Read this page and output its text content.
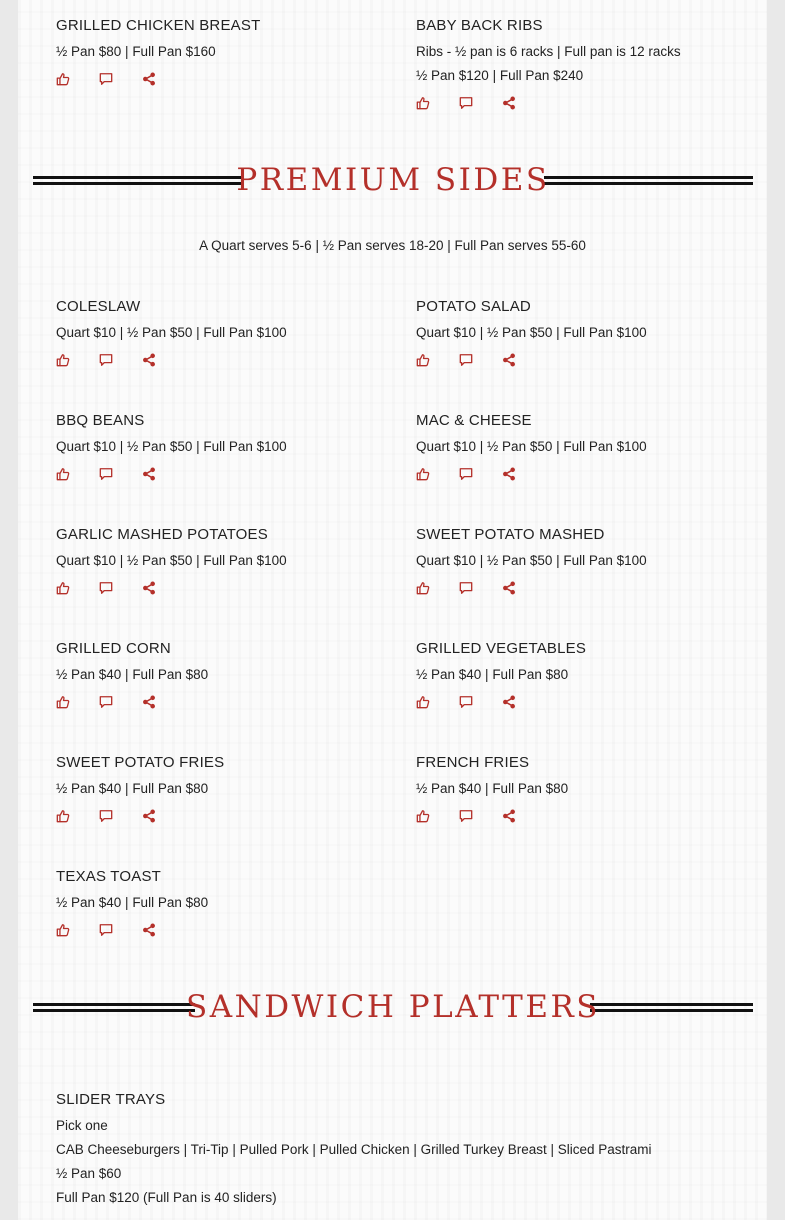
GRILLED CHICKEN BREAST
½ Pan $80 | Full Pan $160
BABY BACK RIBS
Ribs - ½ pan is 6 racks | Full pan is 12 racks
½ Pan $120 | Full Pan $240
PREMIUM SIDES
A Quart serves 5-6 | ½ Pan serves 18-20 | Full Pan serves 55-60
COLESLAW
Quart $10 | ½ Pan $50 | Full Pan $100
POTATO SALAD
Quart $10 | ½ Pan $50 | Full Pan $100
BBQ BEANS
Quart $10 | ½ Pan $50 | Full Pan $100
MAC & CHEESE
Quart $10 | ½ Pan $50 | Full Pan $100
GARLIC MASHED POTATOES
Quart $10 | ½ Pan $50 | Full Pan $100
SWEET POTATO MASHED
Quart $10 | ½ Pan $50 | Full Pan $100
GRILLED CORN
½ Pan $40 | Full Pan $80
GRILLED VEGETABLES
½ Pan $40 | Full Pan $80
SWEET POTATO FRIES
½ Pan $40 | Full Pan $80
FRENCH FRIES
½ Pan $40 | Full Pan $80
TEXAS TOAST
½ Pan $40 | Full Pan $80
SANDWICH PLATTERS
SLIDER TRAYS
Pick one
CAB Cheeseburgers | Tri-Tip | Pulled Pork | Pulled Chicken | Grilled Turkey Breast | Sliced Pastrami
½ Pan $60
Full Pan $120 (Full Pan is 40 sliders)
